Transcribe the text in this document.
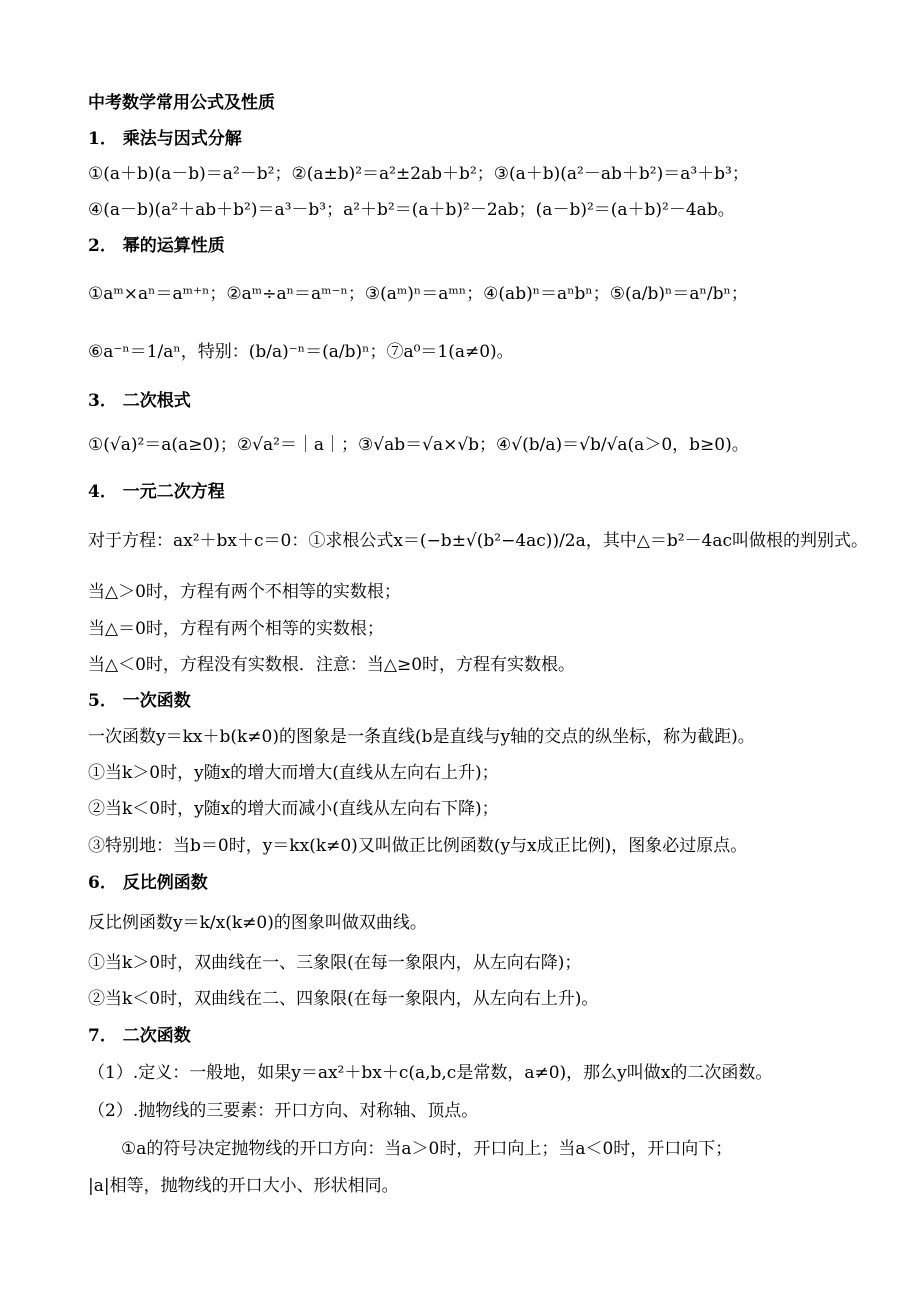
中考数学常用公式及性质
1． 乘法与因式分解
①(a＋b)(a－b)＝a²－b²；②(a±b)²＝a²±2ab＋b²；③(a＋b)(a²－ab＋b²)＝a³＋b³；
④(a－b)(a²＋ab＋b²)＝a³－b³；a²＋b²＝(a＋b)²－2ab；(a－b)²＝(a＋b)²－4ab。
2． 幂的运算性质
①aᵐ×aⁿ＝aᵐ⁺ⁿ；②aᵐ÷aⁿ＝aᵐ⁻ⁿ；③(aᵐ)ⁿ＝aᵐⁿ；④(ab)ⁿ＝aⁿbⁿ；⑤(a/b)ⁿ＝aⁿ/bⁿ；
⑥a⁻ⁿ＝1/aⁿ，特别：(b/a)⁻ⁿ＝(a/b)ⁿ；⑦a⁰＝1(a≠0)。
3． 二次根式
①(√a)²＝a(a≥0)；②√a²＝｜a｜；③√ab＝√a×√b；④√(b/a)＝√b/√a(a＞0，b≥0)。
4． 一元二次方程
对于方程：ax²＋bx＋c＝0：①求根公式x＝(−b±√(b²−4ac))/2a，其中△＝b²－4ac叫做根的判别式。
当△＞0时，方程有两个不相等的实数根；
当△＝0时，方程有两个相等的实数根；
当△＜0时，方程没有实数根．注意：当△≥0时，方程有实数根。
5． 一次函数
一次函数y＝kx＋b(k≠0)的图象是一条直线(b是直线与y轴的交点的纵坐标，称为截距)。
①当k＞0时，y随x的增大而增大(直线从左向右上升)；
②当k＜0时，y随x的增大而减小(直线从左向右下降)；
③特别地：当b＝0时，y＝kx(k≠0)又叫做正比例函数(y与x成正比例)，图象必过原点。
6． 反比例函数
反比例函数y＝k/x(k≠0)的图象叫做双曲线。
①当k＞0时，双曲线在一、三象限(在每一象限内，从左向右降)；
②当k＜0时，双曲线在二、四象限(在每一象限内，从左向右上升)。
7． 二次函数
（1）.定义：一般地，如果y＝ax²＋bx＋c(a,b,c是常数，a≠0)，那么y叫做x的二次函数。
（2）.抛物线的三要素：开口方向、对称轴、顶点。
①a的符号决定抛物线的开口方向：当a＞0时，开口向上；当a＜0时，开口向下；
|a|相等，抛物线的开口大小、形状相同。
